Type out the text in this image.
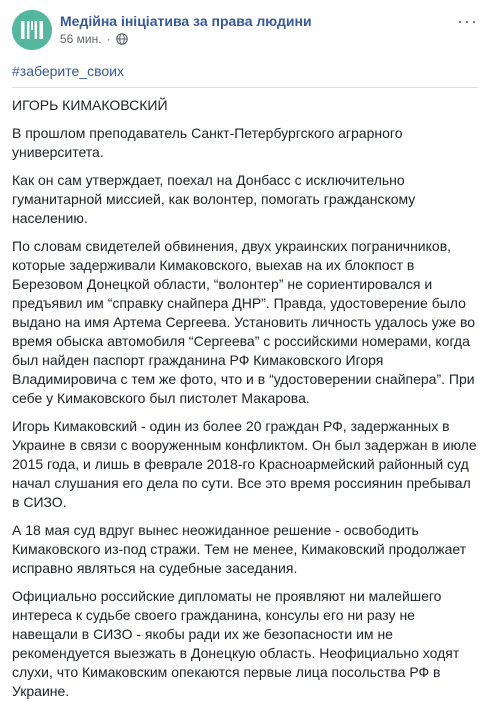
Медійна ініціатива за права людини
56 мин. ·
···
#заберите_своих

ИГОРЬ КИМАКОВСКИЙ

В прошлом преподаватель Санкт-Петербургского аграрного университета.

Как он сам утверждает, поехал на Донбасс с исключительно гуманитарной миссией, как волонтер, помогать гражданскому населению.

По словам свидетелей обвинения, двух украинских пограничников, которые задерживали Кимаковского, выехав на их блокпост в Березовом Донецкой области, “волонтер” не сориентировался и предъявил им “справку снайпера ДНР”. Правда, удостоверение было выдано на имя Артема Сергеева. Установить личность удалось уже во время обыска автомобиля “Сергеева” с российскими номерами, когда был найден паспорт гражданина РФ Кимаковского Игоря Владимировича с тем же фото, что и в “удостоверении снайпера”. При себе у Кимаковского был пистолет Макарова.

Игорь Кимаковский - один из более 20 граждан РФ, задержанных в Украине в связи с вооруженным конфликтом. Он был задержан в июле 2015 года, и лишь в феврале 2018-го Красноармейский районный суд начал слушания его дела по сути. Все это время россиянин пребывал в СИЗО.

А 18 мая суд вдруг вынес неожиданное решение - освободить Кимаковского из-под стражи. Тем не менее, Кимаковский продолжает исправно являться на судебные заседания.

Официально российские дипломаты не проявляют ни малейшего интереса к судьбе своего гражданина, консулы его ни разу не навещали в СИЗО - якобы ради их же безопасности им не рекомендуется выезжать в Донецкую область. Неофициально ходят слухи, что Кимаковским опекаются первые лица посольства РФ в Украине.
